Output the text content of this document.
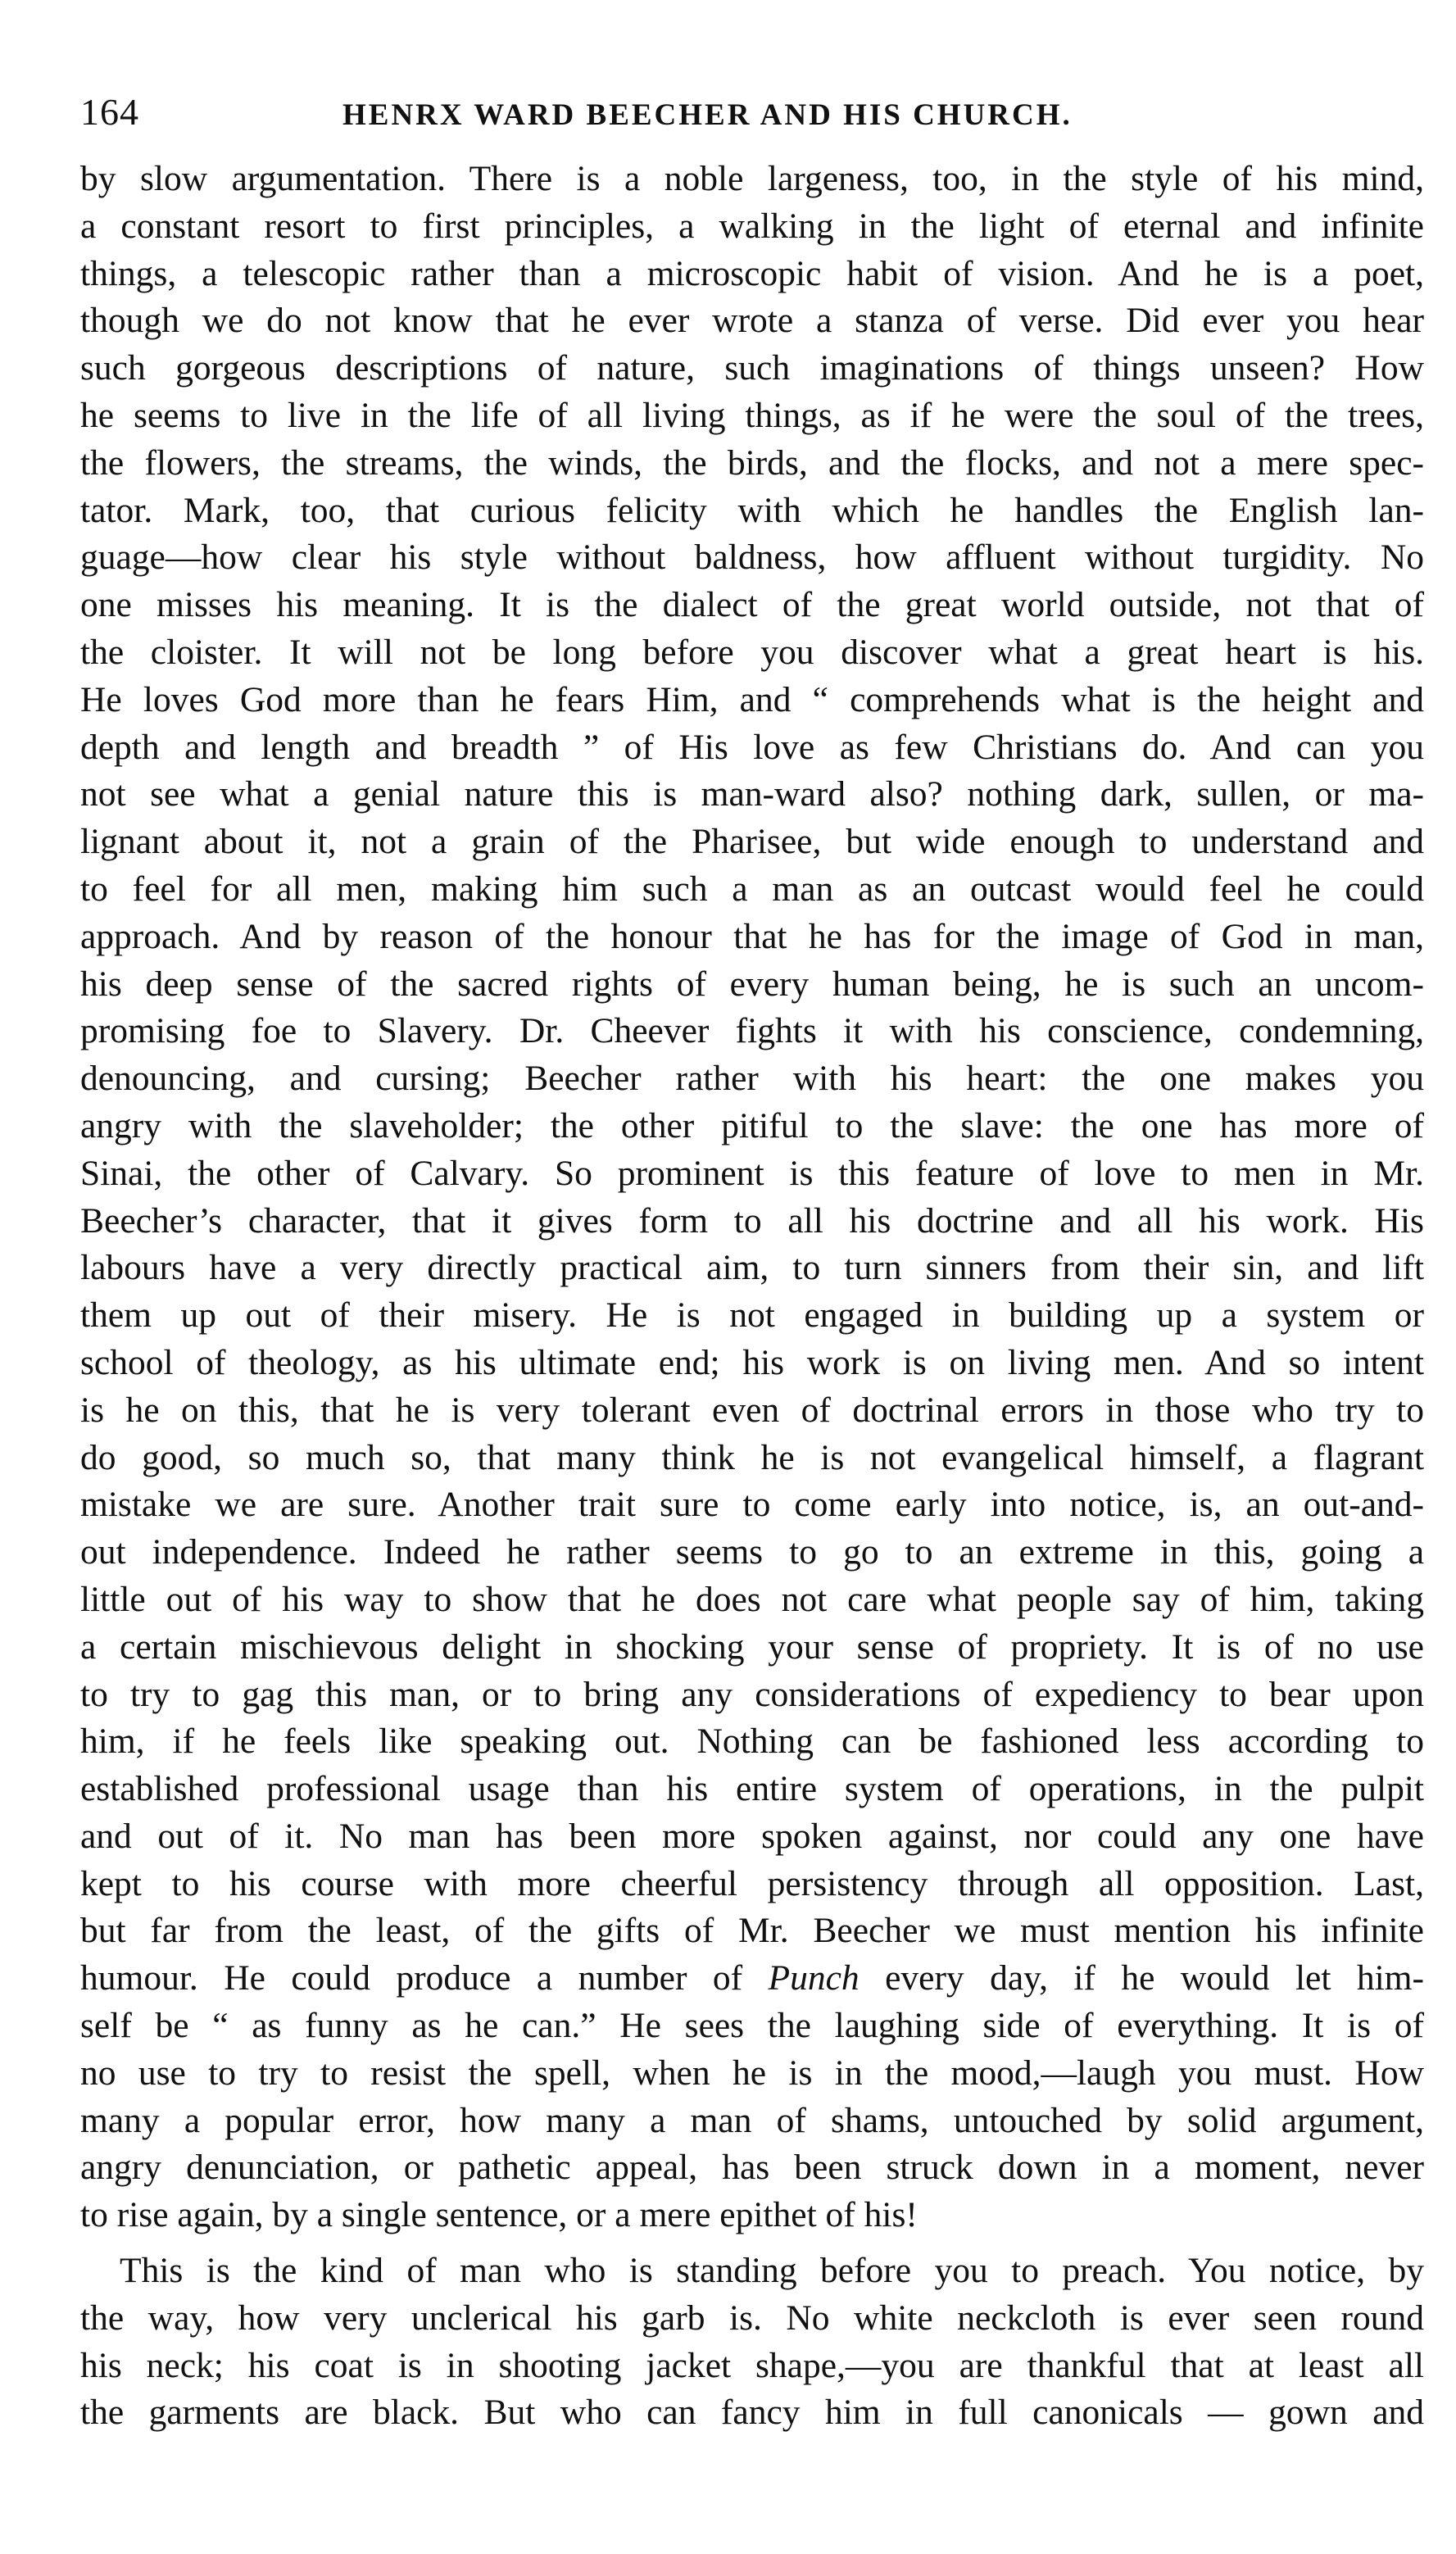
164	HENRX WARD BEECHER AND HIS CHURCH.
by slow argumentation. There is a noble largeness, too, in the style of his mind,
a constant resort to first principles, a walking in the light of eternal and infinite
things, a telescopic rather than a microscopic habit of vision. And he is a poet,
though we do not know that he ever wrote a stanza of verse. Did ever you hear
such gorgeous descriptions of nature, such imaginations of things unseen? How
he seems to live in the life of all living things, as if he were the soul of the trees,
the flowers, the streams, the winds, the birds, and the flocks, and not a mere spec-
tator. Mark, too, that curious felicity with which he handles the English lan-
guage—how clear his style without baldness, how affluent without turgidity. No
one misses his meaning. It is the dialect of the great world outside, not that of
the cloister. It will not be long before you discover what a great heart is his.
He loves God more than he fears Him, and “ comprehends what is the height and
depth and length and breadth ” of His love as few Christians do. And can you
not see what a genial nature this is man-ward also? nothing dark, sullen, or ma-
lignant about it, not a grain of the Pharisee, but wide enough to understand and
to feel for all men, making him such a man as an outcast would feel he could
approach. And by reason of the honour that he has for the image of God in man,
his deep sense of the sacred rights of every human being, he is such an uncom-
promising foe to Slavery. Dr. Cheever fights it with his conscience, condemning,
denouncing, and cursing; Beecher rather with his heart: the one makes you
angry with the slaveholder; the other pitiful to the slave: the one has more of
Sinai, the other of Calvary. So prominent is this feature of love to men in Mr.
Beecher’s character, that it gives form to all his doctrine and all his work. His
labours have a very directly practical aim, to turn sinners from their sin, and lift
them up out of their misery. He is not engaged in building up a system or
school of theology, as his ultimate end; his work is on living men. And so intent
is he on this, that he is very tolerant even of doctrinal errors in those who try to
do good, so much so, that many think he is not evangelical himself, a flagrant
mistake we are sure. Another trait sure to come early into notice, is, an out-and-
out independence. Indeed he rather seems to go to an extreme in this, going a
little out of his way to show that he does not care what people say of him, taking
a certain mischievous delight in shocking your sense of propriety. It is of no use
to try to gag this man, or to bring any considerations of expediency to bear upon
him, if he feels like speaking out. Nothing can be fashioned less according to
established professional usage than his entire system of operations, in the pulpit
and out of it. No man has been more spoken against, nor could any one have
kept to his course with more cheerful persistency through all opposition. Last,
but far from the least, of the gifts of Mr. Beecher we must mention his infinite
humour. He could produce a number of Punch every day, if he would let him-
self be “ as funny as he can.” He sees the laughing side of everything. It is of
no use to try to resist the spell, when he is in the mood,—laugh you must. How
many a popular error, how many a man of shams, untouched by solid argument,
angry denunciation, or pathetic appeal, has been struck down in a moment, never
to rise again, by a single sentence, or a mere epithet of his!
This is the kind of man who is standing before you to preach. You notice, by
the way, how very unclerical his garb is. No white neckcloth is ever seen round
his neck; his coat is in shooting jacket shape,—you are thankful that at least all
the garments are black. But who can fancy him in full canonicals — gown and
